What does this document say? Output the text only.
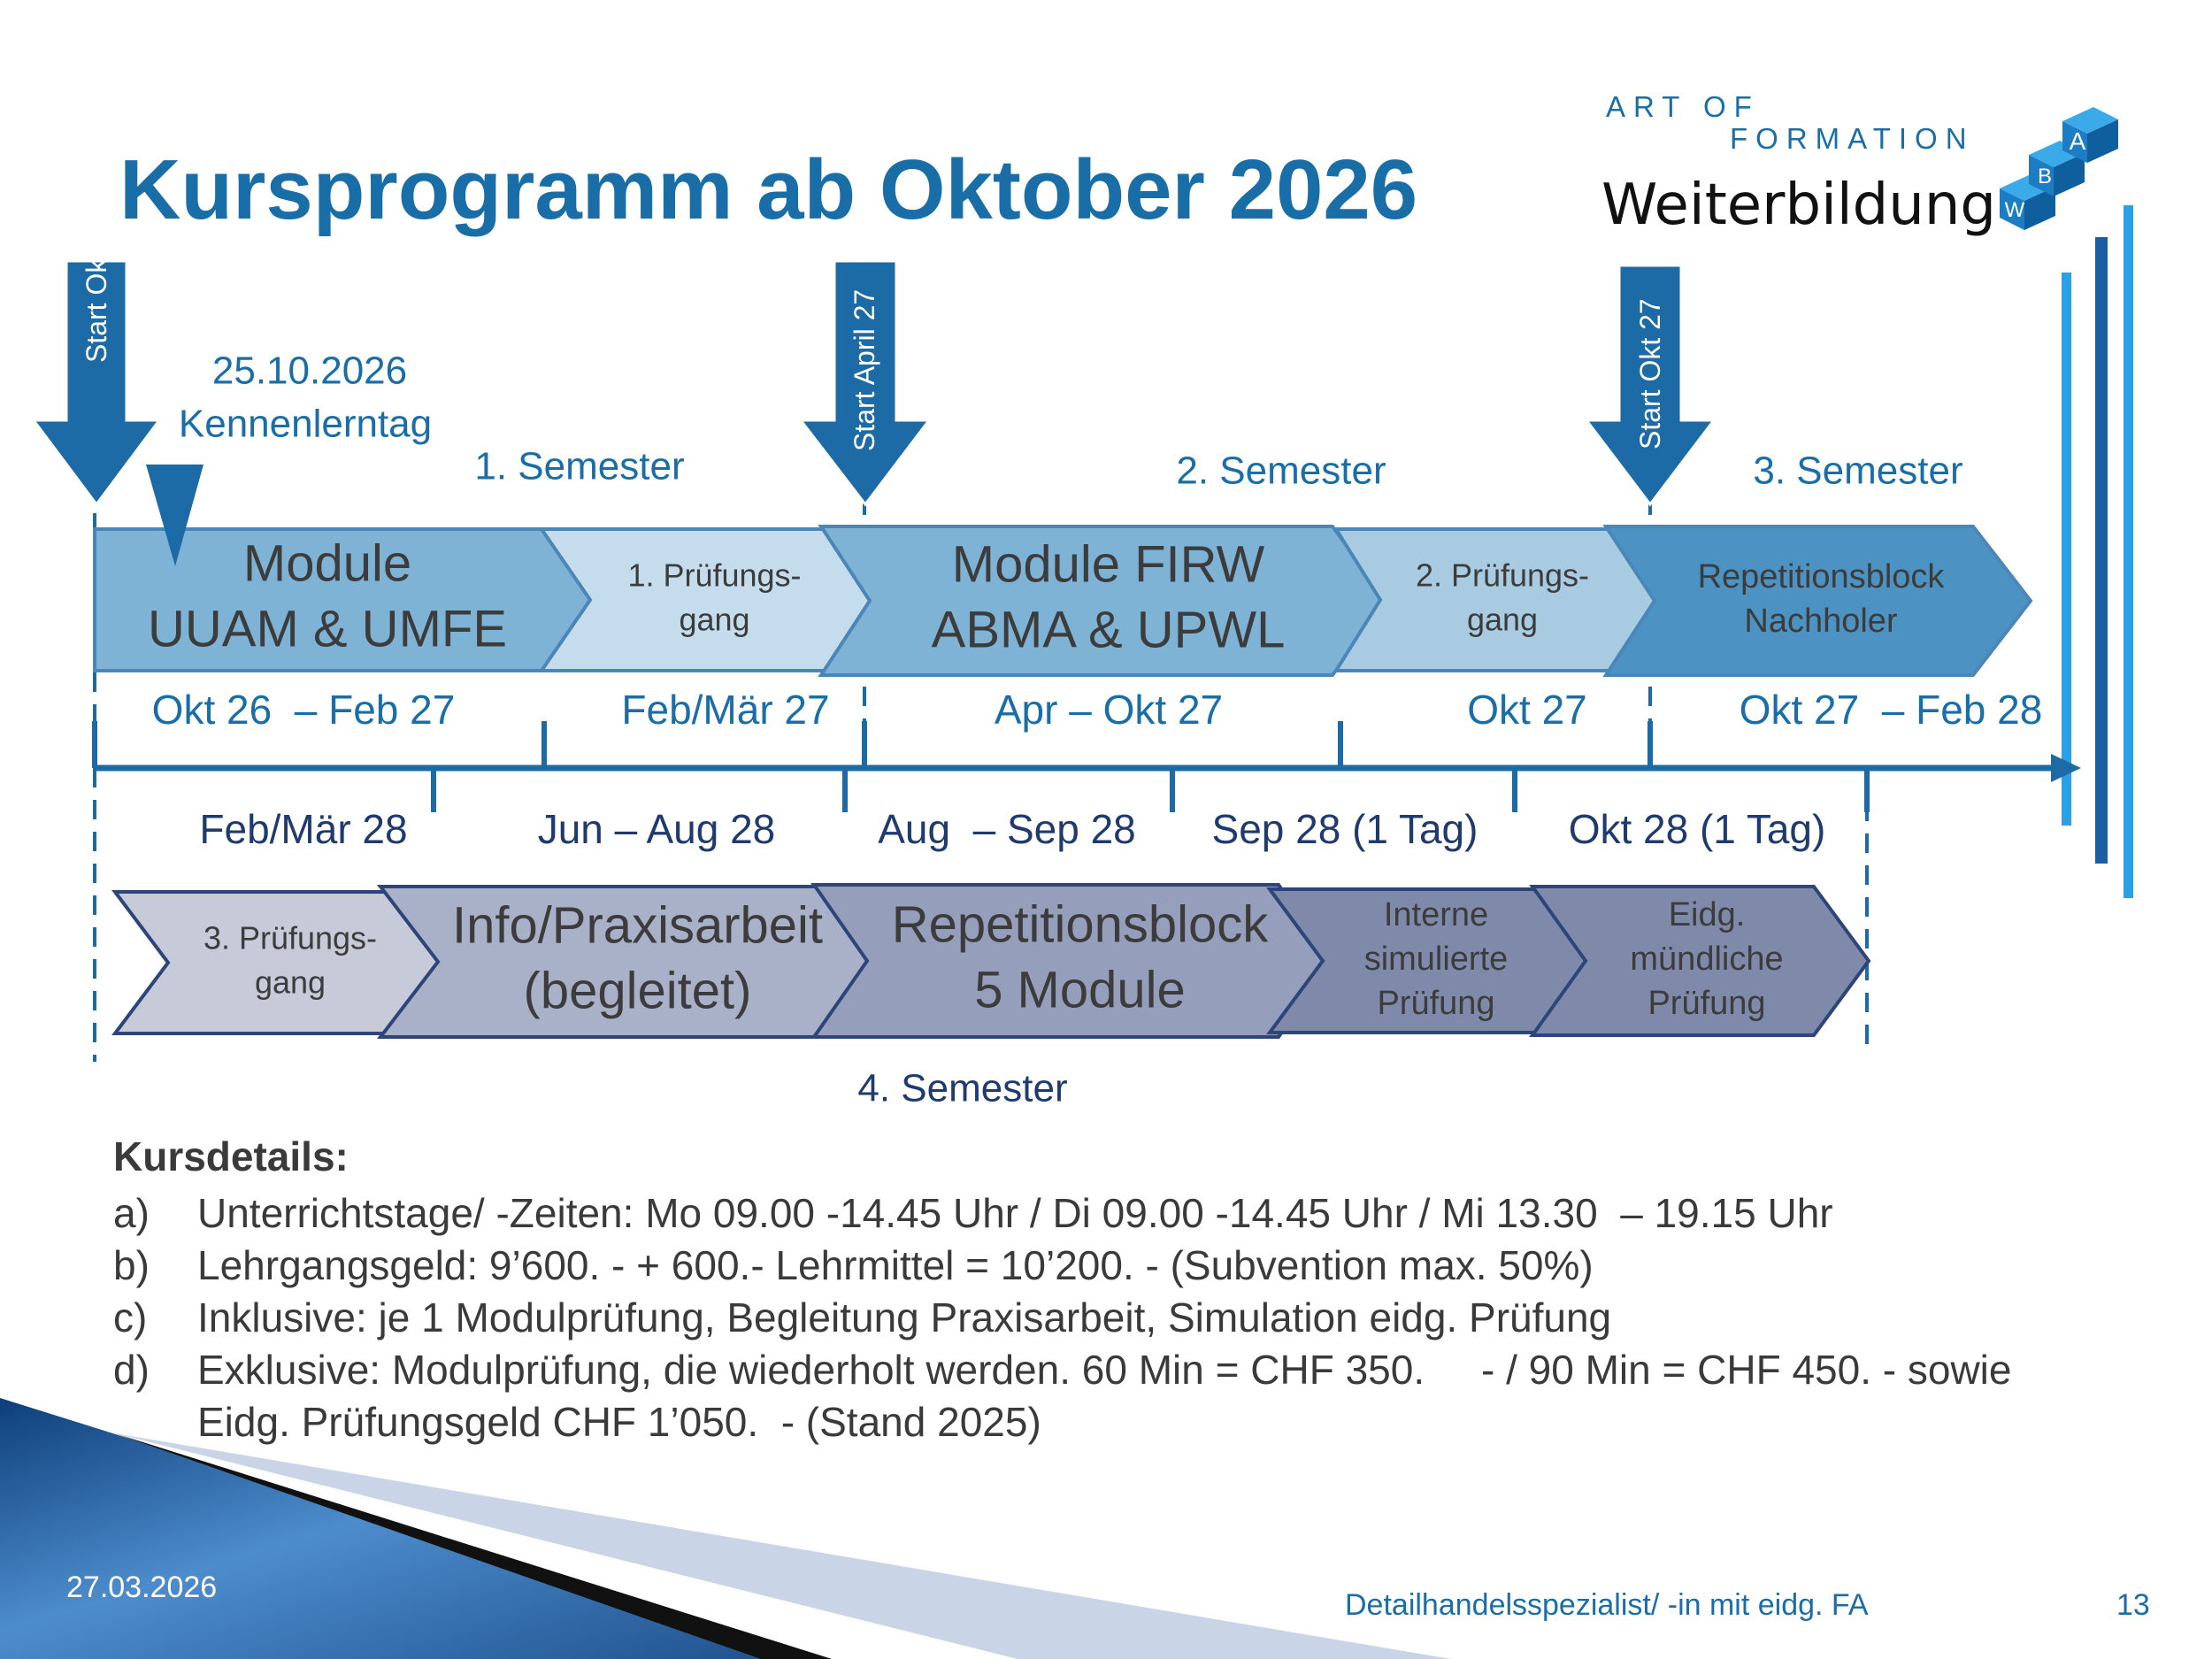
Kursprogramm ab Oktober 2026
ART OF
FORMATION
Weiterbildung W
B
A
Module
UUAM & UMFE
1. Prüfungs-
gang
Module FIRW
ABMA & UPWL
2. Prüfungs-
gang
Repetitionsblock
Nachholer
3. Prüfungs-
gang
Info/Praxisarbeit
(begleitet)
Repetitionsblock
5 Module
Interne
simulierte
Prüfung
Eidg.
mündliche
Prüfung
Start Okt 26
Start April 27	Start Okt 27
25.10.2026
Kennenlerntag
1. Semester	2. Semester	3. Semester
4. Semester
Okt 26  – Feb 27	Feb/Mär 27	Apr – Okt 27	Okt 27	Okt 27  – Feb 28
Feb/Mär 28	Jun – Aug 28	Aug  – Sep 28 Sep 28 (1 Tag) Okt 28 (1 Tag)
Kursdetails:
a)	Unterrichtstage/ -Zeiten: Mo 09.00 -14.45 Uhr / Di 09.00 -14.45 Uhr / Mi 13.30  – 19.15 Uhr
b)	Lehrgangsgeld: 9’600. - + 600.- Lehrmittel = 10’200. - (Subvention max. 50%)
c)	Inklusive: je 1 Modulprüfung, Begleitung Praxisarbeit, Simulation eidg. Prüfung
d)	Exklusive: Modulprüfung, die wiederholt werden. 60 Min = CHF 350.     - / 90 Min = CHF 450. - sowie
Eidg. Prüfungsgeld CHF 1’050.  - (Stand 2025)
27.03.2026
Detailhandelsspezialist/ -in mit eidg. FA	13
